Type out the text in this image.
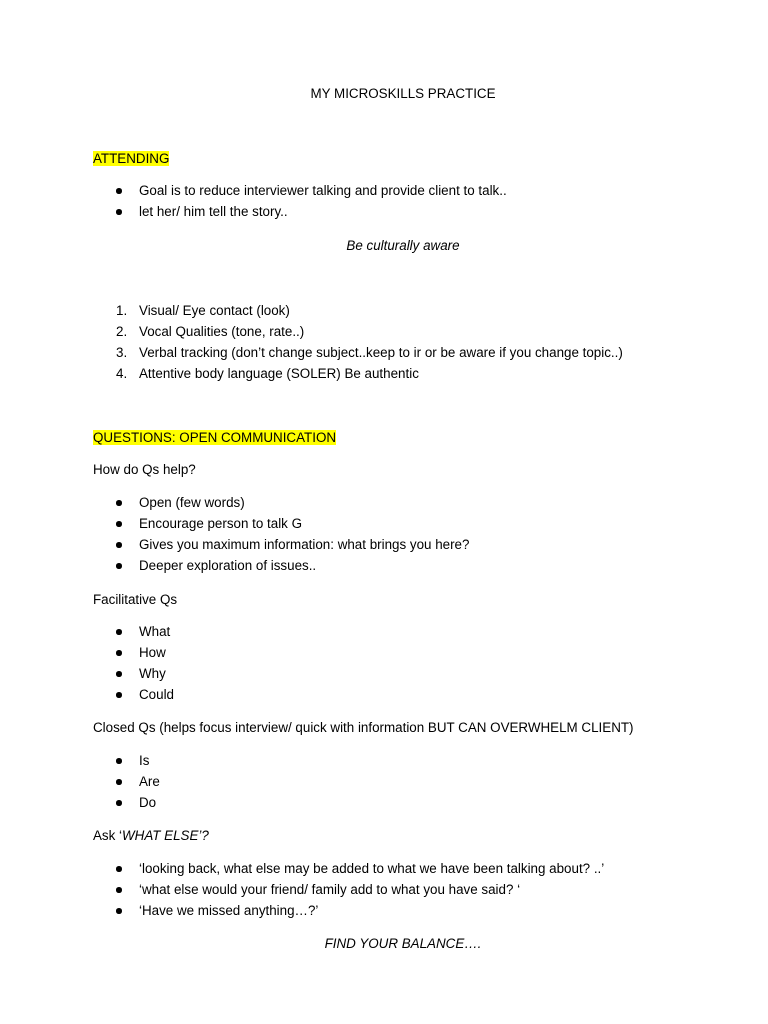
MY MICROSKILLS PRACTICE
ATTENDING
Goal is to reduce interviewer talking and provide client to talk..
let her/ him tell the story..
Be culturally aware
1. Visual/ Eye contact (look)
2. Vocal Qualities (tone, rate..)
3. Verbal tracking (don’t change subject..keep to ir or be aware if you change topic..)
4. Attentive body language (SOLER) Be authentic
QUESTIONS: OPEN COMMUNICATION
How do Qs help?
Open (few words)
Encourage person to talk G
Gives you maximum information: what brings you here?
Deeper exploration of issues..
Facilitative Qs
What
How
Why
Could
Closed Qs (helps focus interview/ quick with information BUT CAN OVERWHELM CLIENT)
Is
Are
Do
Ask ‘WHAT ELSE’?
‘looking back, what else may be added to what we have been talking about? ..’
‘what else would your friend/ family add to what you have said? ‘
‘Have we missed anything…?’
FIND YOUR BALANCE….
